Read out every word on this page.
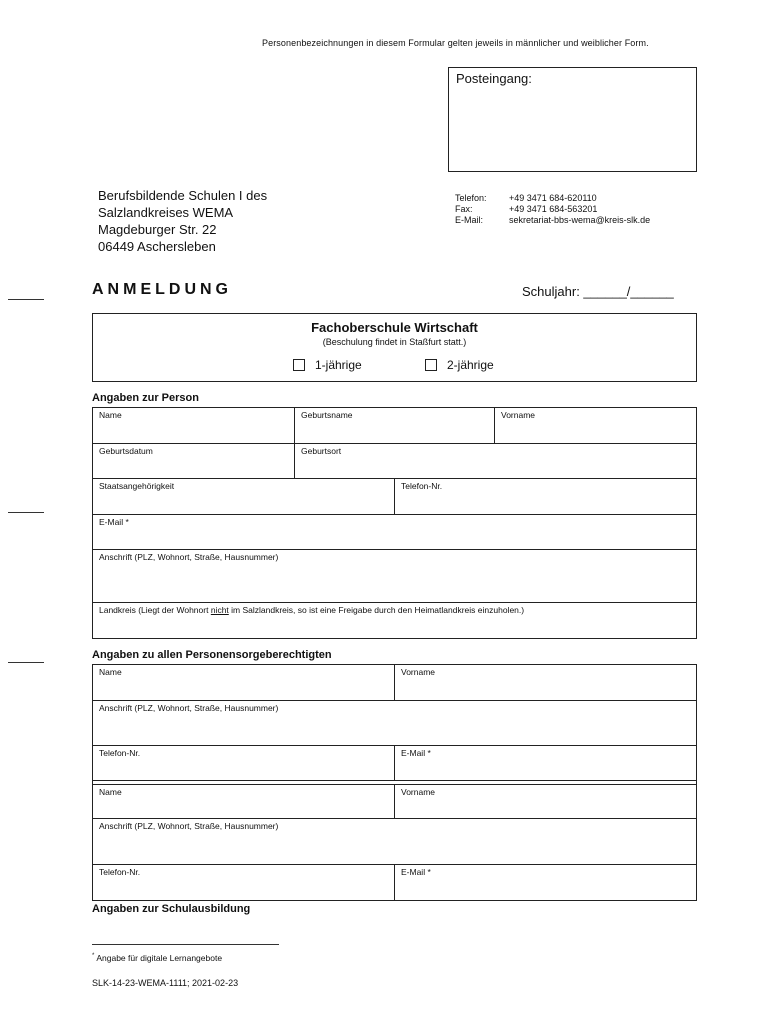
Personenbezeichnungen in diesem Formular gelten jeweils in männlicher und weiblicher Form.
Posteingang:
Berufsbildende Schulen I des
Salzlandkreises WEMA
Magdeburger Str. 22
06449 Aschersleben
Telefon:	+49 3471 684-620110
Fax:	+49 3471 684-563201
E-Mail:	sekretariat-bbs-wema@kreis-slk.de
ANMELDUNG	Schuljahr: ______/______
Fachoberschule Wirtschaft
(Beschulung findet in Staßfurt statt.)
1-jährige	2-jährige
Angaben zur Person
Name	Geburtsname	Vorname
Geburtsdatum	Geburtsort
Staatsangehörigkeit	Telefon-Nr.
E-Mail *
Anschrift (PLZ, Wohnort, Straße, Hausnummer)
Landkreis (Liegt der Wohnort nicht im Salzlandkreis, so ist eine Freigabe durch den Heimatlandkreis einzuholen.)
Angaben zu allen Personensorgeberechtigten
Name	Vorname
Anschrift (PLZ, Wohnort, Straße, Hausnummer)
Telefon-Nr.	E-Mail *
Name	Vorname
Anschrift (PLZ, Wohnort, Straße, Hausnummer)
Telefon-Nr.	E-Mail *
Angaben zur Schulausbildung
* Angabe für digitale Lernangebote
SLK-14-23-WEMA-1111; 2021-02-23
